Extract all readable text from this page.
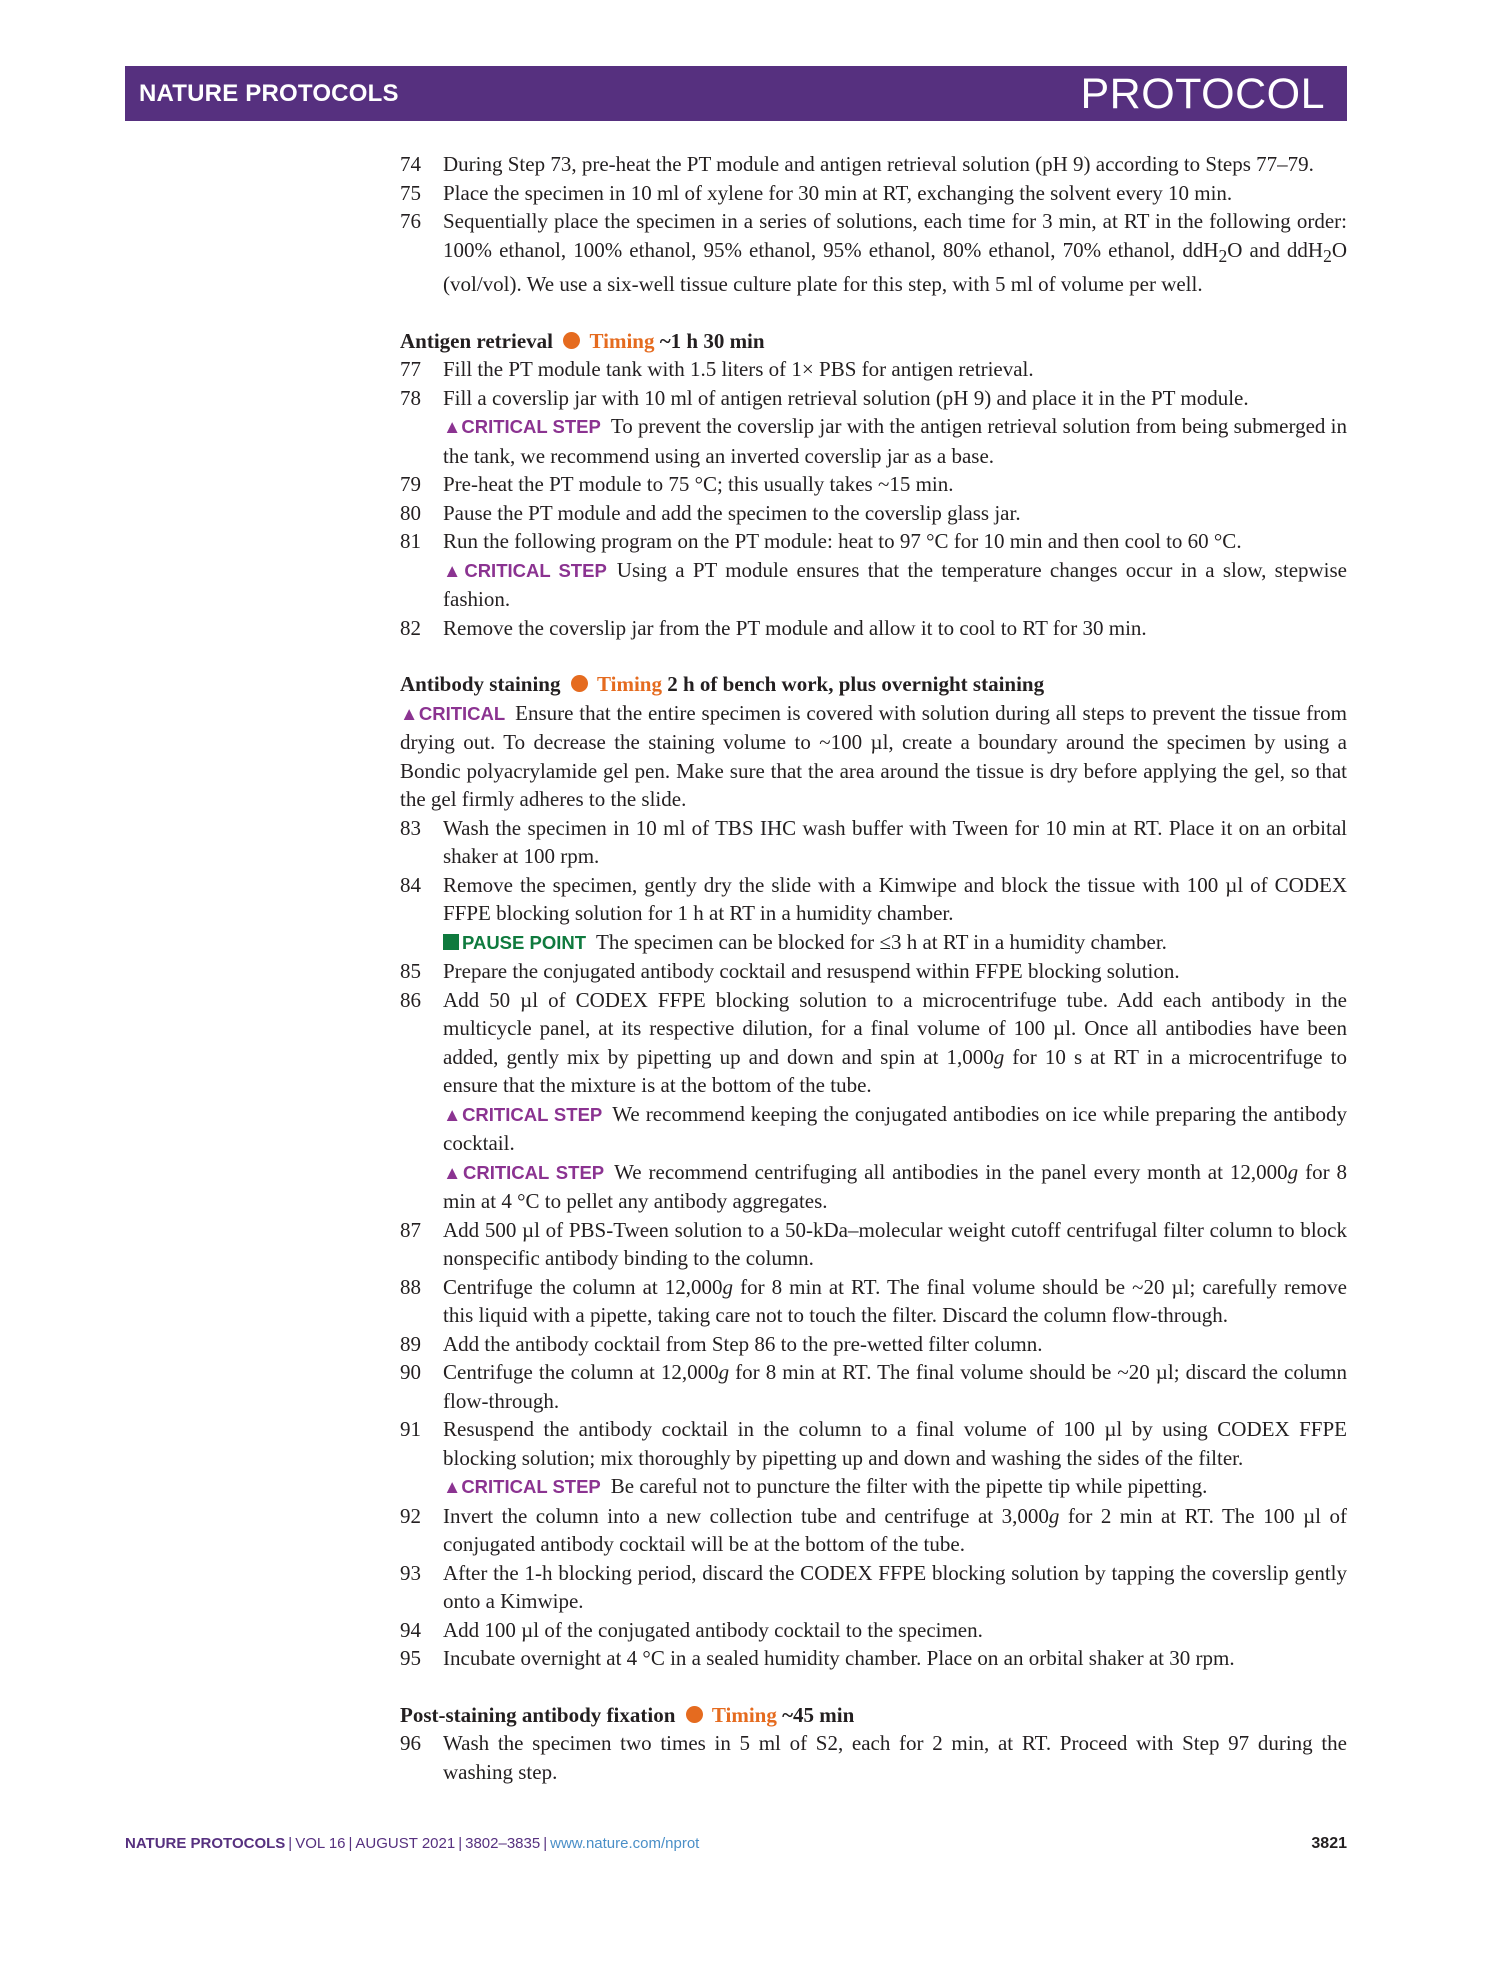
NATURE PROTOCOLS	PROTOCOL
74	During Step 73, pre-heat the PT module and antigen retrieval solution (pH 9) according to Steps 77–79.
75	Place the specimen in 10 ml of xylene for 30 min at RT, exchanging the solvent every 10 min.
76	Sequentially place the specimen in a series of solutions, each time for 3 min, at RT in the following order: 100% ethanol, 100% ethanol, 95% ethanol, 95% ethanol, 80% ethanol, 70% ethanol, ddH$_2$O and ddH$_2$O (vol/vol). We use a six-well tissue culture plate for this step, with 5 ml of volume per well.
Antigen retrieval Timing ~1 h 30 min
77	Fill the PT module tank with 1.5 liters of 1× PBS for antigen retrieval.
78	Fill a coverslip jar with 10 ml of antigen retrieval solution (pH 9) and place it in the PT module.
▲CRITICAL STEP To prevent the coverslip jar with the antigen retrieval solution from being submerged in the tank, we recommend using an inverted coverslip jar as a base.
79	Pre-heat the PT module to 75 °C; this usually takes ~15 min.
80	Pause the PT module and add the specimen to the coverslip glass jar.
81	Run the following program on the PT module: heat to 97 °C for 10 min and then cool to 60 °C.
▲CRITICAL STEP Using a PT module ensures that the temperature changes occur in a slow, stepwise fashion.
82	Remove the coverslip jar from the PT module and allow it to cool to RT for 30 min.
Antibody staining Timing 2 h of bench work, plus overnight staining
▲CRITICAL Ensure that the entire specimen is covered with solution during all steps to prevent the tissue from drying out. To decrease the staining volume to ~100 µl, create a boundary around the specimen by using a Bondic polyacrylamide gel pen. Make sure that the area around the tissue is dry before applying the gel, so that the gel firmly adheres to the slide.
83	Wash the specimen in 10 ml of TBS IHC wash buffer with Tween for 10 min at RT. Place it on an orbital shaker at 100 rpm.
84	Remove the specimen, gently dry the slide with a Kimwipe and block the tissue with 100 µl of CODEX FFPE blocking solution for 1 h at RT in a humidity chamber.
PAUSE POINT The specimen can be blocked for ≤3 h at RT in a humidity chamber.
85	Prepare the conjugated antibody cocktail and resuspend within FFPE blocking solution.
86	Add 50 µl of CODEX FFPE blocking solution to a microcentrifuge tube. Add each antibody in the multicycle panel, at its respective dilution, for a final volume of 100 µl. Once all antibodies have been added, gently mix by pipetting up and down and spin at 1,000g for 10 s at RT in a microcentrifuge to ensure that the mixture is at the bottom of the tube.
▲CRITICAL STEP We recommend keeping the conjugated antibodies on ice while preparing the antibody cocktail.
▲CRITICAL STEP We recommend centrifuging all antibodies in the panel every month at 12,000g for 8 min at 4 °C to pellet any antibody aggregates.
87	Add 500 µl of PBS-Tween solution to a 50-kDa–molecular weight cutoff centrifugal filter column to block nonspecific antibody binding to the column.
88	Centrifuge the column at 12,000g for 8 min at RT. The final volume should be ~20 µl; carefully remove this liquid with a pipette, taking care not to touch the filter. Discard the column flow-through.
89	Add the antibody cocktail from Step 86 to the pre-wetted filter column.
90	Centrifuge the column at 12,000g for 8 min at RT. The final volume should be ~20 µl; discard the column flow-through.
91	Resuspend the antibody cocktail in the column to a final volume of 100 µl by using CODEX FFPE blocking solution; mix thoroughly by pipetting up and down and washing the sides of the filter.
▲CRITICAL STEP Be careful not to puncture the filter with the pipette tip while pipetting.
92	Invert the column into a new collection tube and centrifuge at 3,000g for 2 min at RT. The 100 µl of conjugated antibody cocktail will be at the bottom of the tube.
93	After the 1-h blocking period, discard the CODEX FFPE blocking solution by tapping the coverslip gently onto a Kimwipe.
94	Add 100 µl of the conjugated antibody cocktail to the specimen.
95	Incubate overnight at 4 °C in a sealed humidity chamber. Place on an orbital shaker at 30 rpm.
Post-staining antibody fixation Timing ~45 min
96	Wash the specimen two times in 5 ml of S2, each for 2 min, at RT. Proceed with Step 97 during the washing step.
NATURE PROTOCOLS | VOL 16 | AUGUST 2021 | 3802–3835 | www.nature.com/nprot	3821
